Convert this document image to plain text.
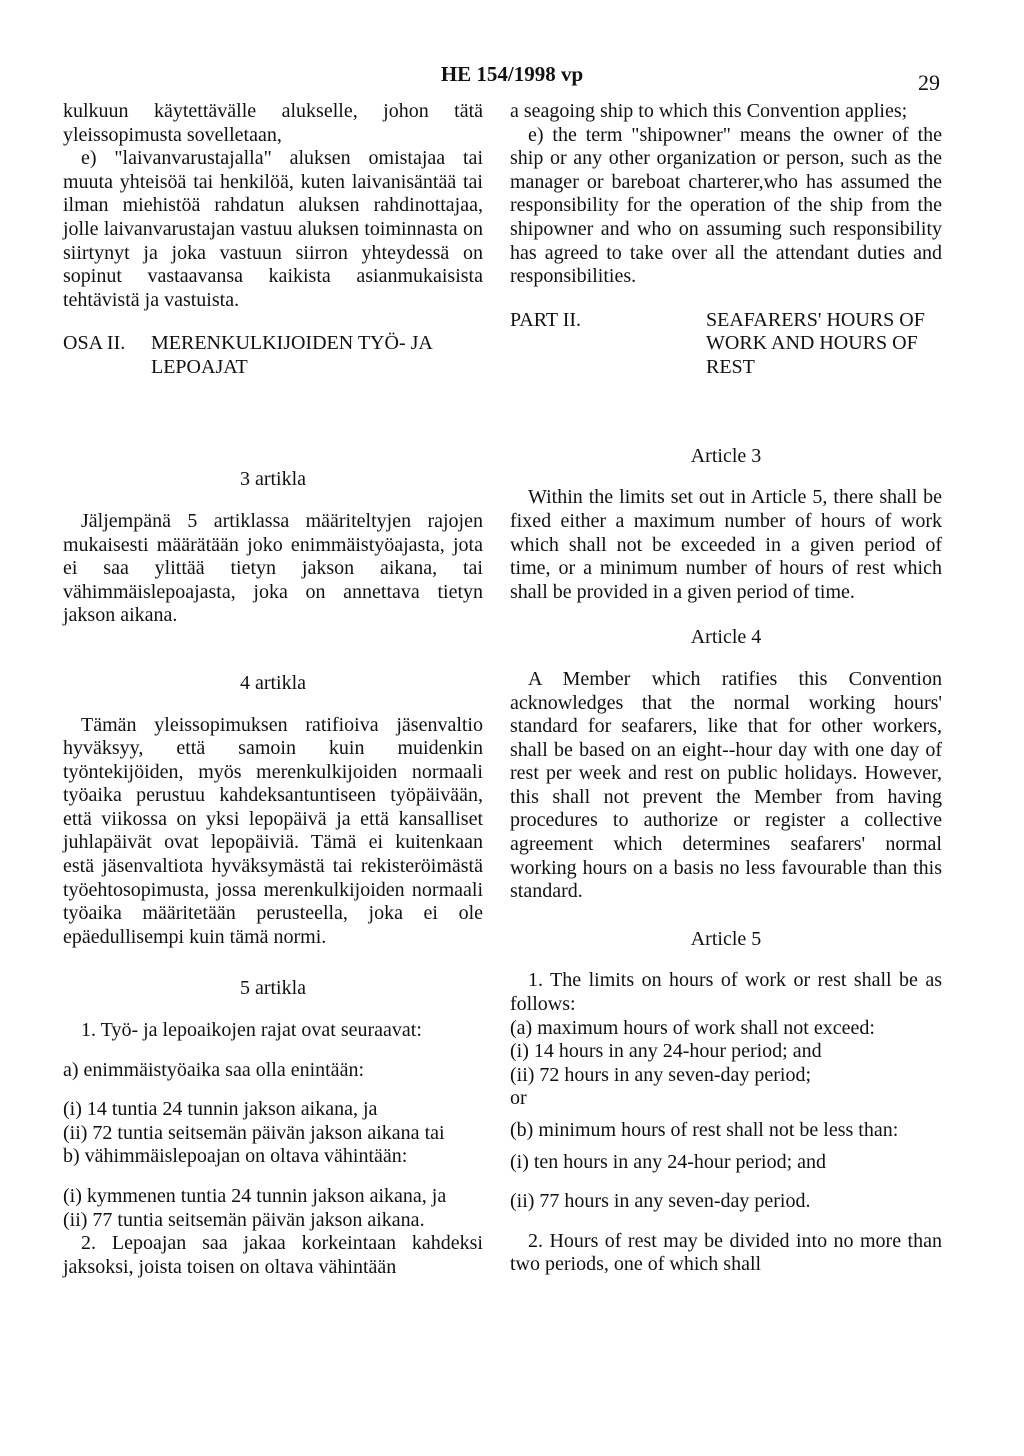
HE 154/1998 vp	29

kulkuun käytettävälle alukselle, johon tätä yleissopimusta sovelletaan,

e) "laivanvarustajalla" aluksen omistajaa tai muuta yhteisöä tai henkilöä, kuten laivanisäntää tai ilman miehistöä rahdatun aluksen rahdinottajaa, jolle laivanvarustajan vastuu aluksen toiminnasta on siirtynyt ja joka vastuun siirron yhteydessä on sopinut vastaavansa kaikista asianmukaisista tehtävistä ja vastuista.

OSA II. MERENKULKIJOIDEN TYÖ- JA LEPOAJAT

3 artikla

Jäljempänä 5 artiklassa määriteltyjen rajojen mukaisesti määrätään joko enimmäistyöajasta, jota ei saa ylittää tietyn jakson aikana, tai vähimmäislepoajasta, joka on annettava tietyn jakson aikana.

4 artikla

Tämän yleissopimuksen ratifioiva jäsenvaltio hyväksyy, että samoin kuin muidenkin työntekijöiden, myös merenkulkijoiden normaali työaika perustuu kahdeksantuntiseen työpäivään, että viikossa on yksi lepopäivä ja että kansalliset juhlapäivät ovat lepopäiviä. Tämä ei kuitenkaan estä jäsenvaltiota hyväksymästä tai rekisteröimästä työehtosopimusta, jossa merenkulkijoiden normaali työaika määritetään perusteella, joka ei ole epäedullisempi kuin tämä normi.

5 artikla

1. Työ- ja lepoaikojen rajat ovat seuraavat:

a) enimmäistyöaika saa olla enintään:

(i) 14 tuntia 24 tunnin jakson aikana, ja

(ii) 72 tuntia seitsemän päivän jakson aikana tai

b) vähimmäislepoajan on oltava vähintään:

(i) kymmenen tuntia 24 tunnin jakson aikana, ja

(ii) 77 tuntia seitsemän päivän jakson aikana.

2. Lepoajan saa jakaa korkeintaan kahdeksi jaksoksi, joista toisen on oltava vähintään

a seagoing ship to which this Convention applies;

e) the term "shipowner" means the owner of the ship or any other organization or person, such as the manager or bareboat charterer,who has assumed the responsibility for the operation of the ship from the shipowner and who on assuming such responsibility has agreed to take over all the attendant duties and responsibilities.

PART II.	SEAFARERS' HOURS OF WORK AND HOURS OF REST

Article 3

Within the limits set out in Article 5, there shall be fixed either a maximum number of hours of work which shall not be exceeded in a given period of time, or a minimum number of hours of rest which shall be provided in a given period of time.

Article 4

A Member which ratifies this Convention acknowledges that the normal working hours' standard for seafarers, like that for other workers, shall be based on an eight--hour day with one day of rest per week and rest on public holidays. However, this shall not prevent the Member from having procedures to authorize or register a collective agreement which determines seafarers' normal working hours on a basis no less favourable than this standard.

Article 5

1. The limits on hours of work or rest shall be as follows:

(a) maximum hours of work shall not exceed:

(i) 14 hours in any 24-hour period; and

(ii) 72 hours in any seven-day period;

or

(b) minimum hours of rest shall not be less than:

(i) ten hours in any 24-hour period; and

(ii) 77 hours in any seven-day period.

2. Hours of rest may be divided into no more than two periods, one of which shall
